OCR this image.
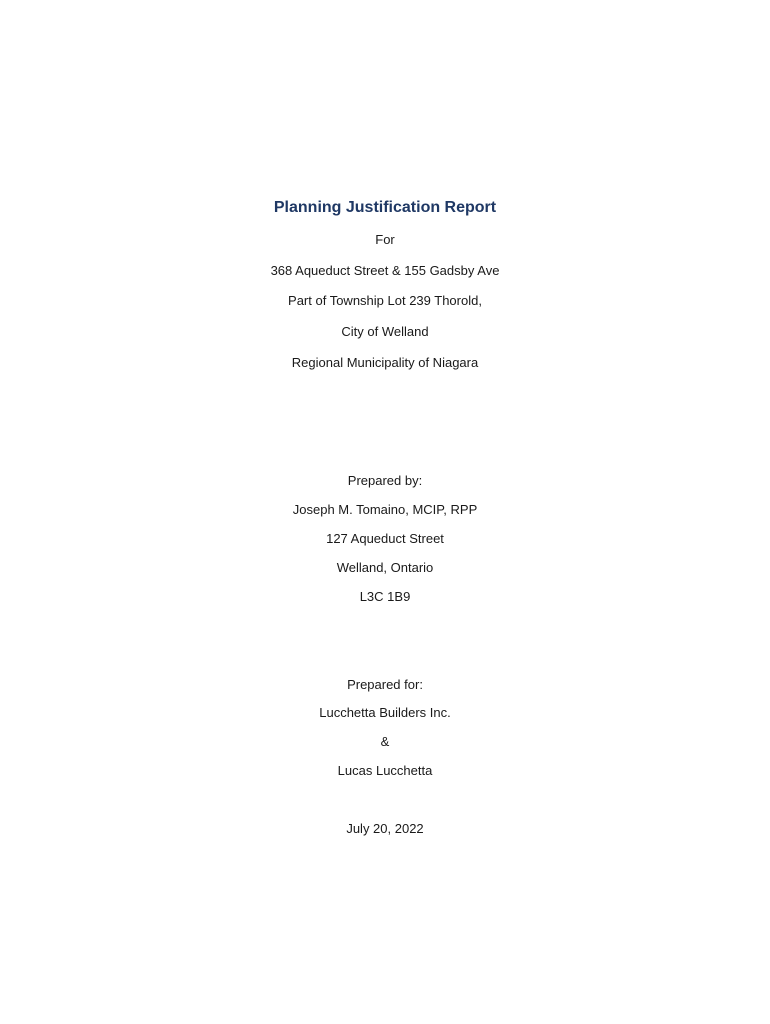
Planning Justification Report
For
368 Aqueduct Street & 155 Gadsby Ave
Part of Township Lot 239 Thorold,
City of Welland
Regional Municipality of Niagara
Prepared by:
Joseph M. Tomaino, MCIP, RPP
127 Aqueduct Street
Welland, Ontario
L3C 1B9
Prepared for:
Lucchetta Builders Inc.
&
Lucas Lucchetta
July 20, 2022
